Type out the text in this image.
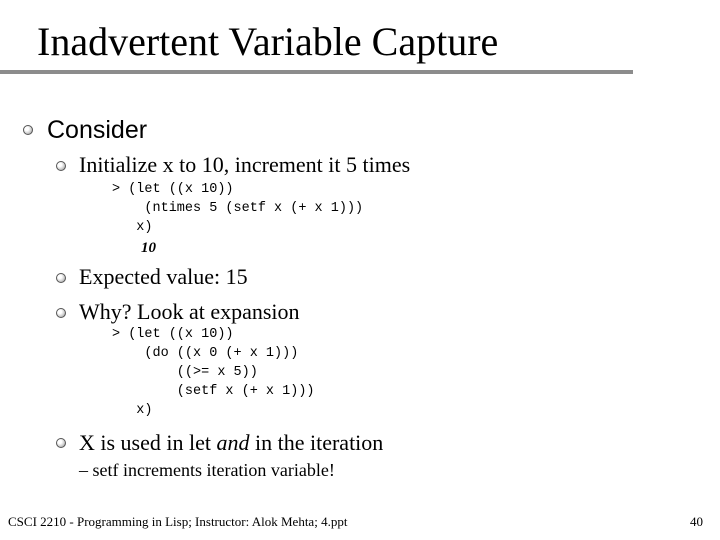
Inadvertent Variable Capture
Consider
Initialize x to 10, increment it 5 times
> (let ((x 10))
(ntimes 5 (setf x (+ x 1)))
x)
10
Expected value: 15
Why? Look at expansion
> (let ((x 10))
(do ((x 0 (+ x 1)))
((>= x 5))
(setf x (+ x 1)))
x)
X is used in let and in the iteration
– setf increments iteration variable!
CSCI 2210 - Programming in Lisp; Instructor: Alok Mehta; 4.ppt	40
